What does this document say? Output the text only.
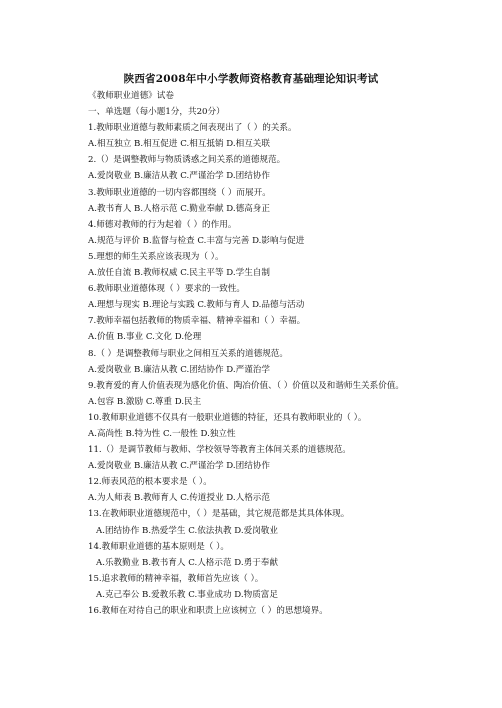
陕西省2008年中小学教师资格教育基础理论知识考试
《教师职业道德》试卷
一、单选题（每小题1分，共20分）
1.教师职业道德与教师素质之间表现出了（ ）的关系。
A.相互独立 B.相互促进 C.相互抵销 D.相互关联
2.（）是调整教师与物质诱惑之间关系的道德规范。
A.爱岗敬业 B.廉洁从教 C.严谨治学 D.团结协作
3.教师职业道德的一切内容都围绕（ ）而展开。
A.教书育人 B.人格示范 C.勤业奉献 D.德高身正
4.师德对教师的行为起着（ ）的作用。
A.规范与评价 B.监督与检查 C.丰富与完善 D.影响与促进
5.理想的师生关系应该表现为（ ）。
A.放任自流 B.教师权威 C.民主平等 D.学生自制
6.教师职业道德体现（ ）要求的一致性。
A.理想与现实 B.理论与实践 C.教师与育人 D.品德与活动
7.教师幸福包括教师的物质幸福、精神幸福和（ ）幸福。
A.价值 B.事业 C.文化 D.伦理
8.（ ）是调整教师与职业之间相互关系的道德规范。
A.爱岗敬业 B.廉洁从教 C.团结协作 D.严谨治学
9.教育爱的育人价值表现为感化价值、陶冶价值、（ ）价值以及和谐师生关系价值。
A.包容 B.激励 C.尊重 D.民主
10.教师职业道德不仅具有一般职业道德的特征，还具有教师职业的（ ）。
A.高尚性 B.特为性 C.一般性 D.独立性
11.（）是调节教师与教师、学校领导等教育主体间关系的道德规范。
A.爱岗敬业 B.廉洁从教 C.严谨治学 D.团结协作
12.师表风范的根本要求是（ ）。
A.为人师表 B.教师育人 C.传道授业 D.人格示范
13.在教师职业道德规范中，（ ）是基础，其它规范都是其具体体现。
A.团结协作 B.热爱学生 C.依法执教 D.爱岗敬业
14.教师职业道德的基本原则是（ ）。
A.乐教勤业 B.教书育人 C.人格示范 D.勇于奉献
15.追求教师的精神幸福，教师首先应该（ ）。
A.克己奉公 B.爱教乐教 C.事业成功 D.物质富足
16.教师在对待自己的职业和职责上应该树立（ ）的思想境界。
